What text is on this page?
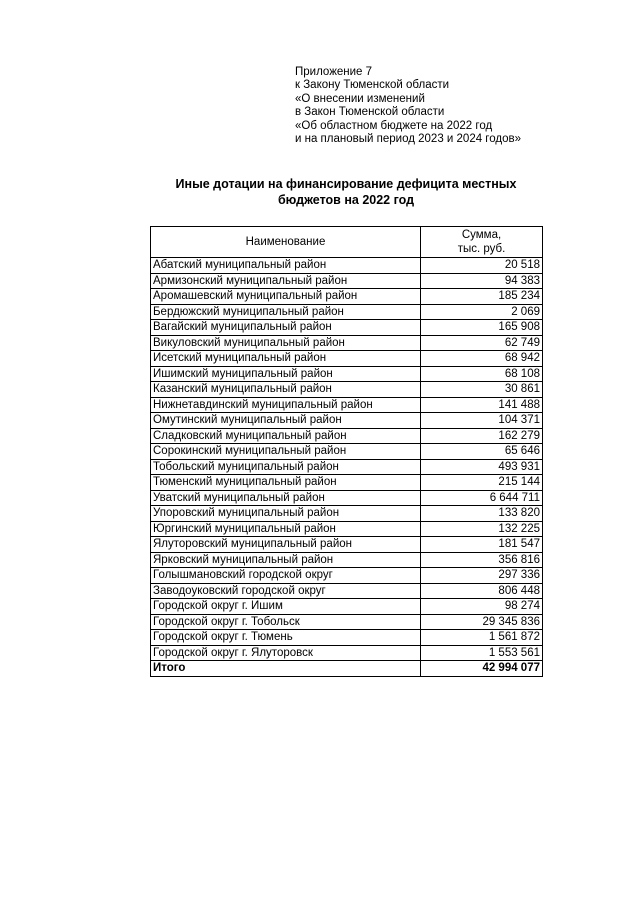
Приложение 7
к Закону Тюменской области
«О внесении изменений
в Закон Тюменской области
«Об областном бюджете на 2022 год
и на плановый период 2023 и 2024 годов»
Иные дотации на финансирование дефицита местных
бюджетов на 2022 год
Наименование	Сумма,
тыс. руб.

Абатский муниципальный район	20 518
Армизонский муниципальный район	94 383
Аромашевский муниципальный район	185 234
Бердюжский муниципальный район	2 069
Вагайский муниципальный район	165 908
Викуловский муниципальный район	62 749
Исетский муниципальный район	68 942
Ишимский муниципальный район	68 108
Казанский муниципальный район	30 861
Нижнетавдинский муниципальный район	141 488
Омутинский муниципальный район	104 371
Сладковский муниципальный район	162 279
Сорокинский муниципальный район	65 646
Тобольский муниципальный район	493 931
Тюменский муниципальный район	215 144
Уватский муниципальный район	6 644 711
Упоровский муниципальный район	133 820
Юргинский муниципальный район	132 225
Ялуторовский муниципальный район	181 547
Ярковский муниципальный район	356 816
Голышмановский городской округ	297 336
Заводоуковский городской округ	806 448
Городской округ г. Ишим	98 274
Городской округ г. Тобольск	29 345 836
Городской округ г. Тюмень	1 561 872
Городской округ г. Ялуторовск	1 553 561
Итого	42 994 077
